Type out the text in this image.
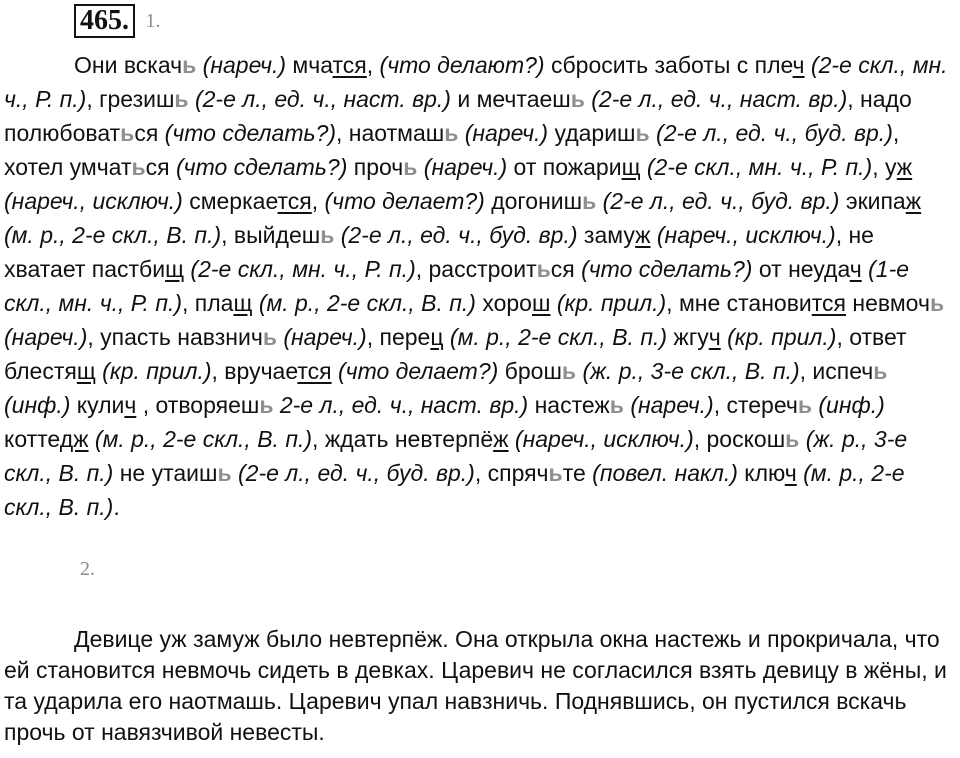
465. 1.

Они вскачь (нареч.) мчатся, (что делают?) сбросить заботы с плеч (2-е скл., мн. ч., Р. п.), грезишь (2-е л., ед. ч., наст. вр.) и мечтаешь (2-е л., ед. ч., наст. вр.), надо полюбоваться (что сделать?), наотмашь (нареч.) ударишь (2-е л., ед. ч., буд. вр.), хотел умчаться (что сделать?) прочь (нареч.) от пожарищ (2-е скл., мн. ч., Р. п.), уж (нареч., исключ.) смеркается, (что делает?) догонишь (2-е л., ед. ч., буд. вр.) экипаж (м. р., 2-е скл., В. п.), выйдешь (2-е л., ед. ч., буд. вр.) замуж (нареч., исключ.), не хватает пастбищ (2-е скл., мн. ч., Р. п.), расстроиться (что сделать?) от неудач (1-е скл., мн. ч., Р. п.), плащ (м. р., 2-е скл., В. п.) хорош (кр. прил.), мне становится невмочь (нареч.), упасть навзничь (нареч.), перец (м. р., 2-е скл., В. п.) жгуч (кр. прил.), ответ блестящ (кр. прил.), вручается (что делает?) брошь (ж. р., 3-е скл., В. п.), испечь (инф.) кулич , отворяешь 2-е л., ед. ч., наст. вр.) настежь (нареч.), стеречь (инф.) коттедж (м. р., 2-е скл., В. п.), ждать невтерпёж (нареч., исключ.), роскошь (ж. р., 3-е скл., В. п.) не утаишь (2-е л., ед. ч., буд. вр.), спрячьте (повел. накл.) ключ (м. р., 2-е скл., В. п.).

2.

Девице уж замуж было невтерпёж. Она открыла окна настежь и прокричала, что ей становится невмочь сидеть в девках. Царевич не согласился взять девицу в жёны, и та ударила его наотмашь. Царевич упал навзничь. Поднявшись, он пустился вскачь прочь от навязчивой невесты.
